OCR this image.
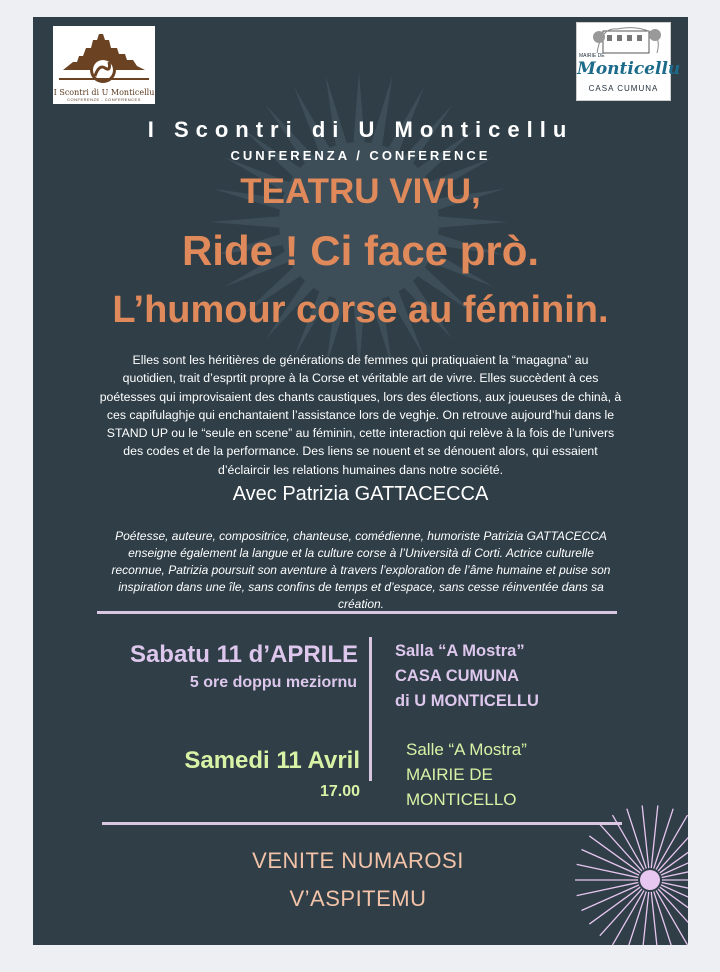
I Scontri di U Monticellu
CONFERENZE - CONFERENCES
MAIRIE DE
Monticellu
CASA CUMUNA
I Scontri di U Monticellu
CUNFERENZA / CONFERENCE
TEATRU VIVU,
Ride ! Ci face prò.
L’humour corse au féminin.
Elles sont les héritières de générations de femmes qui pratiquaient la “magagna” au
quotidien, trait d’esprtit propre à la Corse et véritable art de vivre. Elles succèdent à ces
poétesses qui improvisaient des chants caustiques, lors des élections, aux joueuses de chinà, à
ces capifulaghje qui enchantaient l’assistance lors de veghje. On retrouve aujourd’hui dans le
STAND UP ou le “seule en scene” au féminin, cette interaction qui relève à la fois de l’univers
des codes et de la performance. Des liens se nouent et se dénouent alors, qui essaient
d’éclaircir les relations humaines dans notre société.
Avec Patrizia GATTACECCA
Poétesse, auteure, compositrice, chanteuse, comédienne, humoriste Patrizia GATTACECCA
enseigne également la langue et la culture corse à l’Università di Corti. Actrice culturelle
reconnue, Patrizia poursuit son aventure à travers l’exploration de l’âme humaine et puise son
inspiration dans une île, sans confins de temps et d’espace, sans cesse réinventée dans sa
création.
Sabatu 11 d’APRILE
5 ore doppu meziornu
Salla “A Mostra”
CASA CUMUNA
di U MONTICELLU
Samedi 11 Avril
17.00
Salle “A Mostra”
MAIRIE DE
MONTICELLO
VENITE NUMAROSI
V’ASPITEMU
